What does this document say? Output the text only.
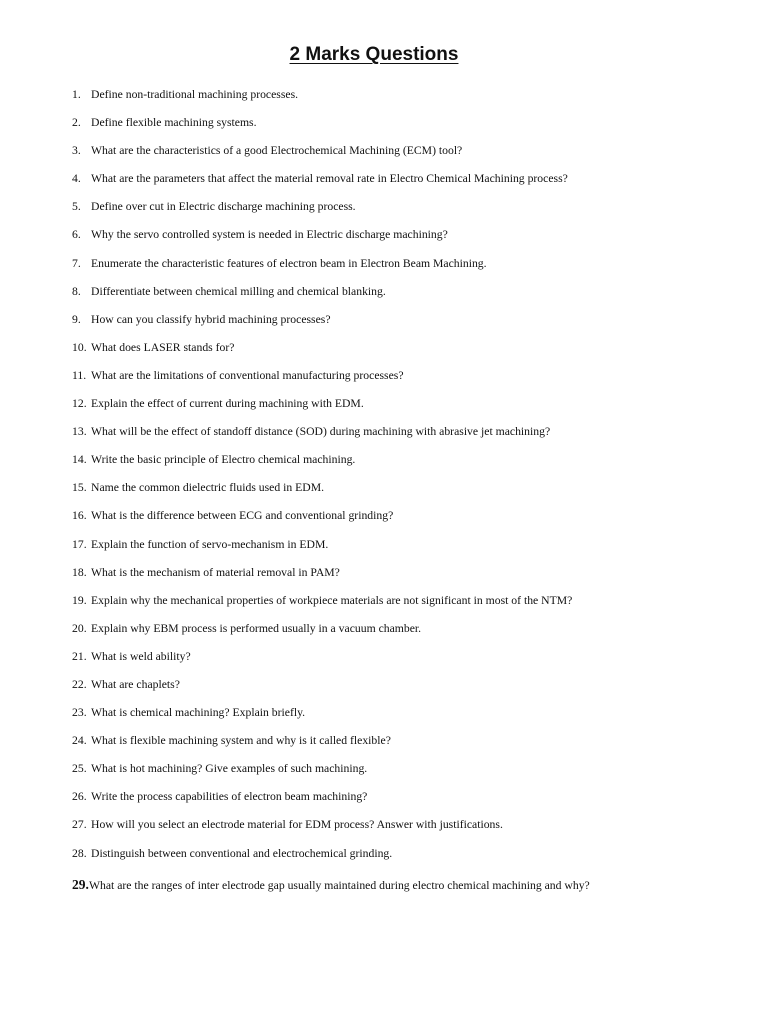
2 Marks Questions
1. Define non-traditional machining processes.
2. Define flexible machining systems.
3. What are the characteristics of a good Electrochemical Machining (ECM) tool?
4. What are the parameters that affect the material removal rate in Electro Chemical Machining process?
5. Define over cut in Electric discharge machining process.
6. Why the servo controlled system is needed in Electric discharge machining?
7. Enumerate the characteristic features of electron beam in Electron Beam Machining.
8. Differentiate between chemical milling and chemical blanking.
9. How can you classify hybrid machining processes?
10. What does LASER stands for?
11. What are the limitations of conventional manufacturing processes?
12. Explain the effect of current during machining with EDM.
13. What will be the effect of standoff distance (SOD) during machining with abrasive jet machining?
14. Write the basic principle of Electro chemical machining.
15. Name the common dielectric fluids used in EDM.
16. What is the difference between ECG and conventional grinding?
17. Explain the function of servo-mechanism in EDM.
18. What is the mechanism of material removal in PAM?
19. Explain why the mechanical properties of workpiece materials are not significant in most of the NTM?
20. Explain why EBM process is performed usually in a vacuum chamber.
21. What is weld ability?
22. What are chaplets?
23. What is chemical machining? Explain briefly.
24. What is flexible machining system and why is it called flexible?
25. What is hot machining? Give examples of such machining.
26. Write the process capabilities of electron beam machining?
27. How will you select an electrode material for EDM process? Answer with justifications.
28. Distinguish between conventional and electrochemical grinding.
29. What are the ranges of inter electrode gap usually maintained during electro chemical machining and why?
